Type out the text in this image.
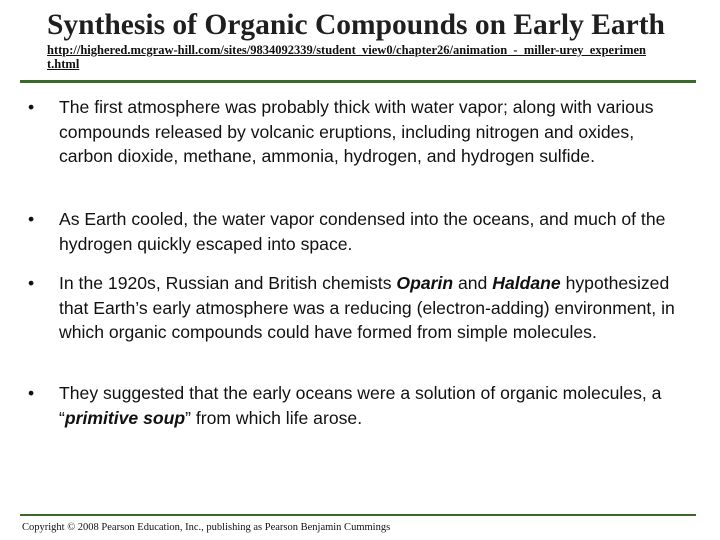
Synthesis of Organic Compounds on Early Earth
http://highered.mcgraw-hill.com/sites/9834092339/student_view0/chapter26/animation_-_miller-urey_experiment.html
• The first atmosphere was probably thick with water vapor; along with various compounds released by volcanic eruptions, including nitrogen and oxides, carbon dioxide, methane, ammonia, hydrogen, and hydrogen sulfide.
• As Earth cooled, the water vapor condensed into the oceans, and much of the hydrogen quickly escaped into space.
• In the 1920s, Russian and British chemists Oparin and Haldane hypothesized that Earth’s early atmosphere was a reducing (electron-adding) environment, in which organic compounds could have formed from simple molecules.
• They suggested that the early oceans were a solution of organic molecules, a “primitive soup” from which life arose.
Copyright © 2008 Pearson Education, Inc., publishing as Pearson Benjamin Cummings
